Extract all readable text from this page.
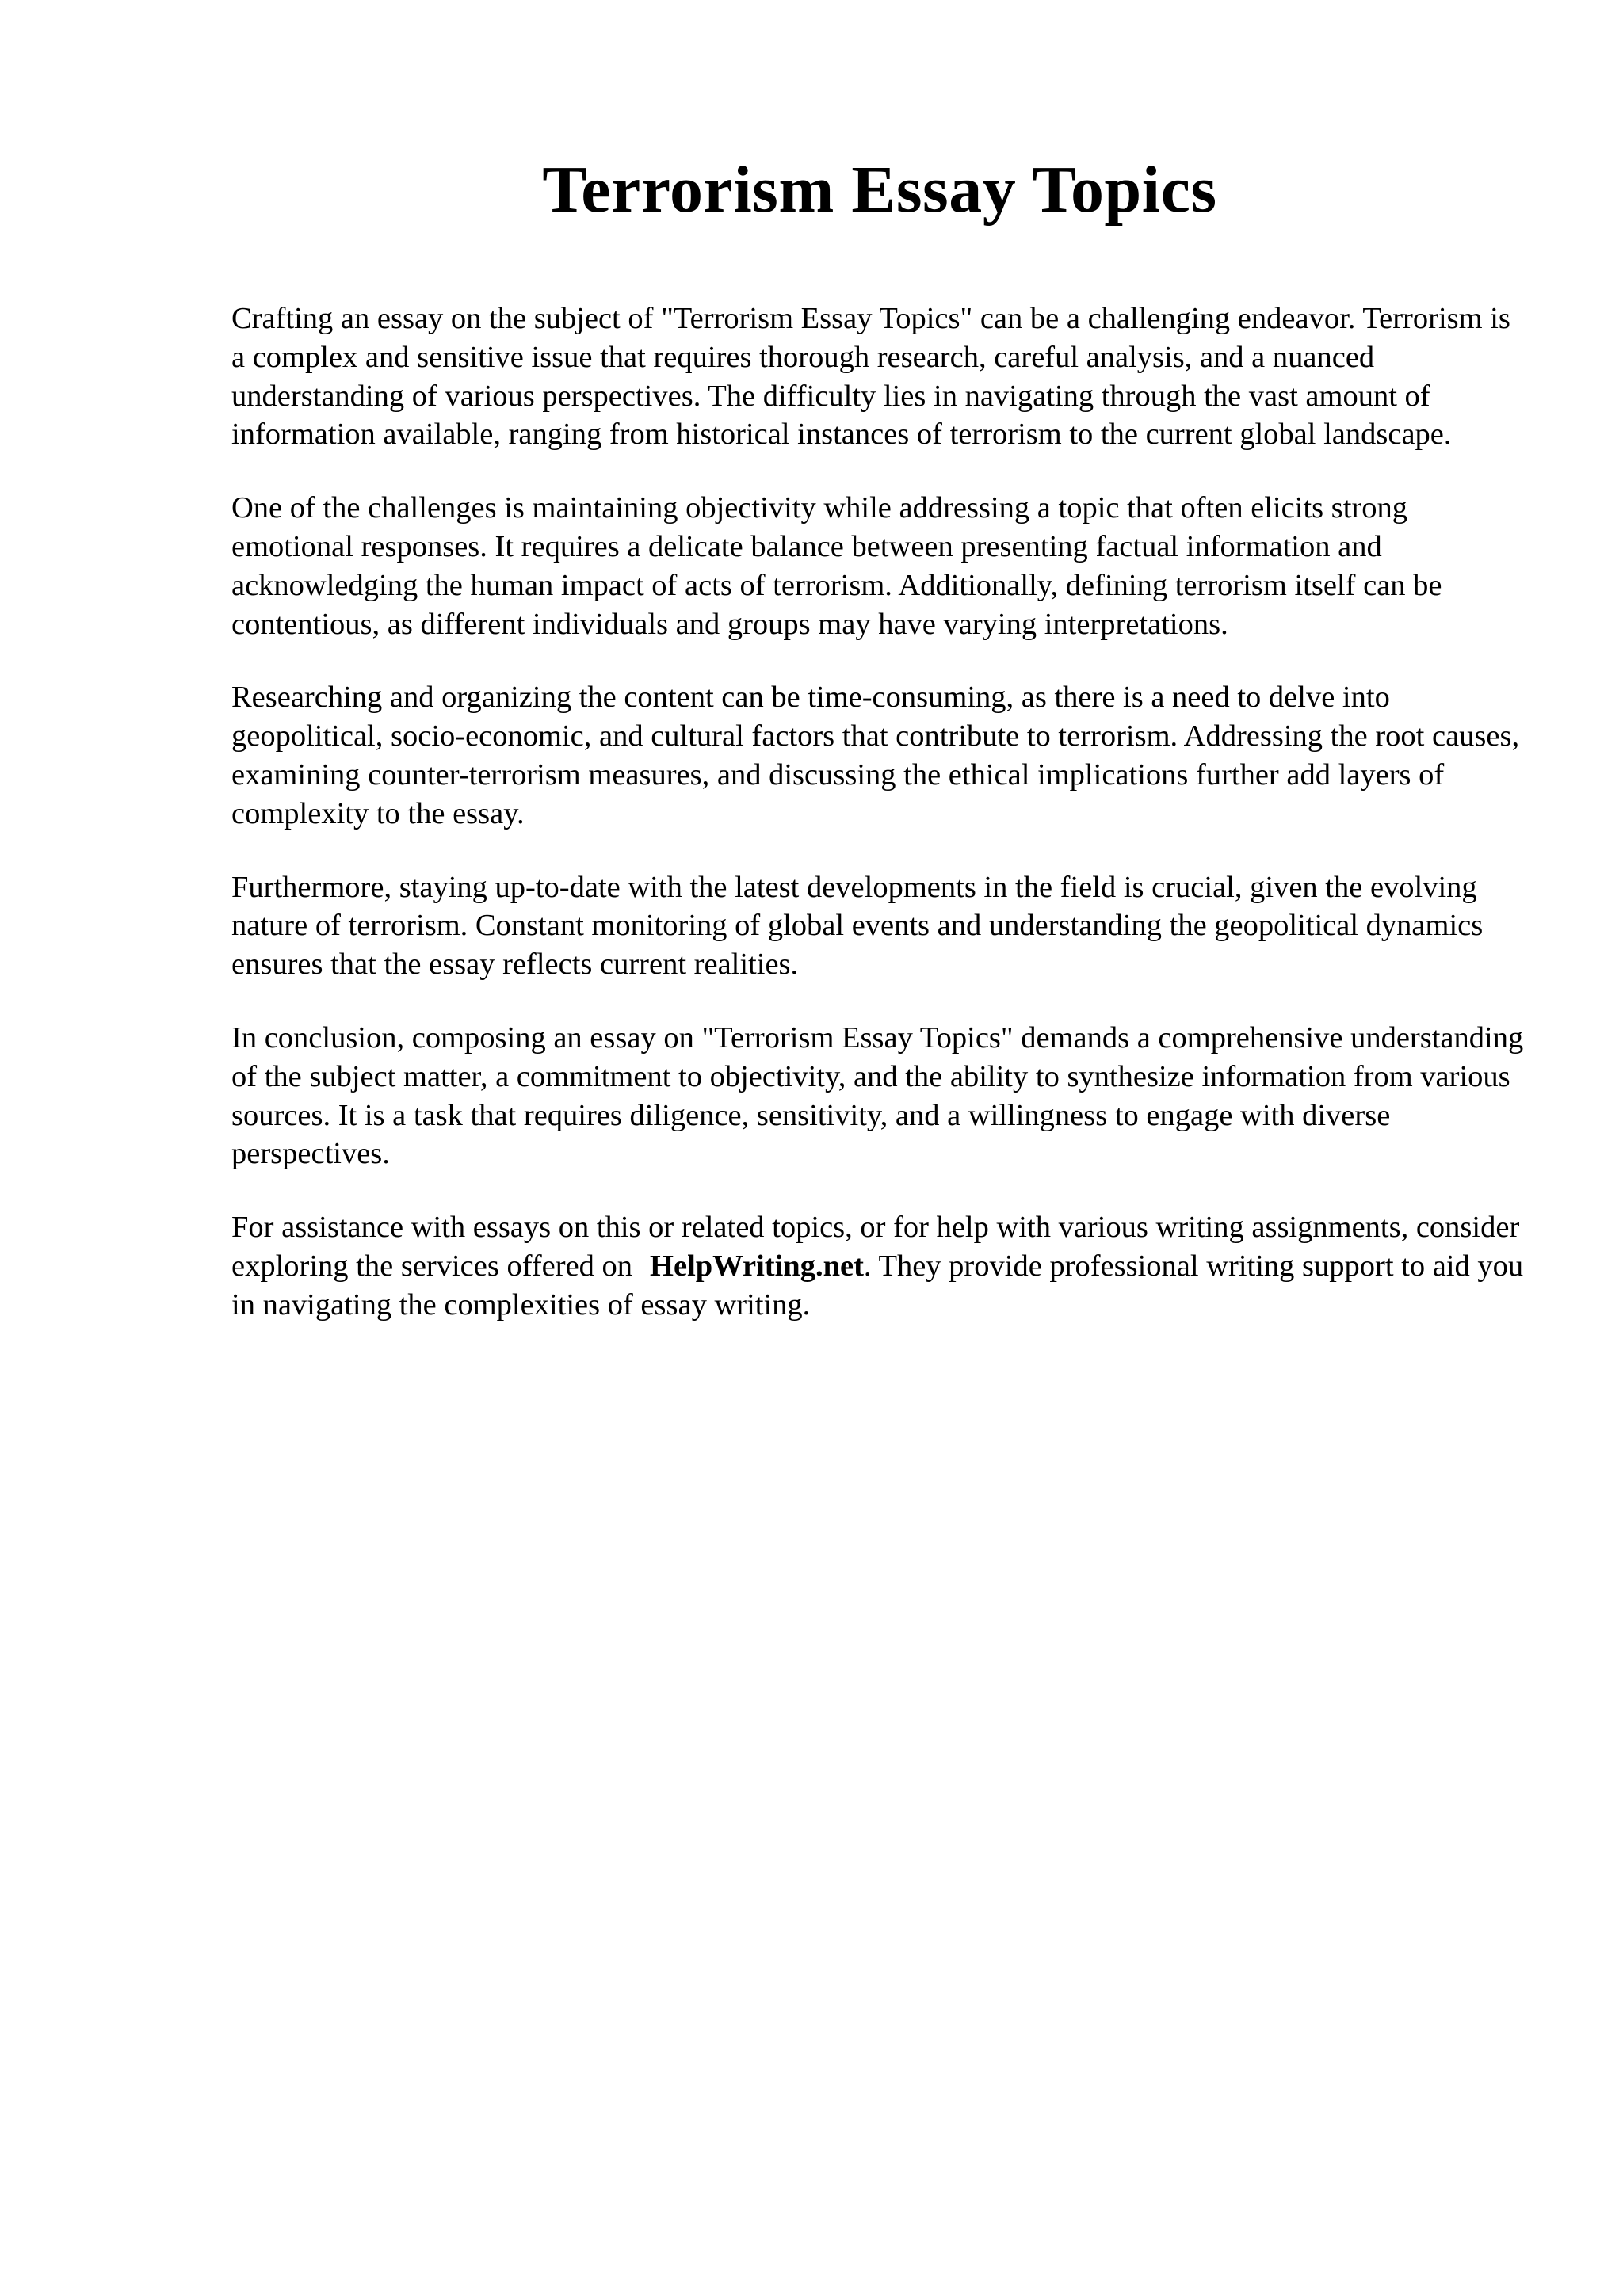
Terrorism Essay Topics

Crafting an essay on the subject of "Terrorism Essay Topics" can be a challenging endeavor. Terrorism is a complex and sensitive issue that requires thorough research, careful analysis, and a nuanced understanding of various perspectives. The difficulty lies in navigating through the vast amount of information available, ranging from historical instances of terrorism to the current global landscape.

One of the challenges is maintaining objectivity while addressing a topic that often elicits strong emotional responses. It requires a delicate balance between presenting factual information and acknowledging the human impact of acts of terrorism. Additionally, defining terrorism itself can be contentious, as different individuals and groups may have varying interpretations.

Researching and organizing the content can be time-consuming, as there is a need to delve into geopolitical, socio-economic, and cultural factors that contribute to terrorism. Addressing the root causes, examining counter-terrorism measures, and discussing the ethical implications further add layers of complexity to the essay.

Furthermore, staying up-to-date with the latest developments in the field is crucial, given the evolving nature of terrorism. Constant monitoring of global events and understanding the geopolitical dynamics ensures that the essay reflects current realities.

In conclusion, composing an essay on "Terrorism Essay Topics" demands a comprehensive understanding of the subject matter, a commitment to objectivity, and the ability to synthesize information from various sources. It is a task that requires diligence, sensitivity, and a willingness to engage with diverse perspectives.

For assistance with essays on this or related topics, or for help with various writing assignments, consider exploring the services offered on HelpWriting.net. They provide professional writing support to aid you in navigating the complexities of essay writing.
